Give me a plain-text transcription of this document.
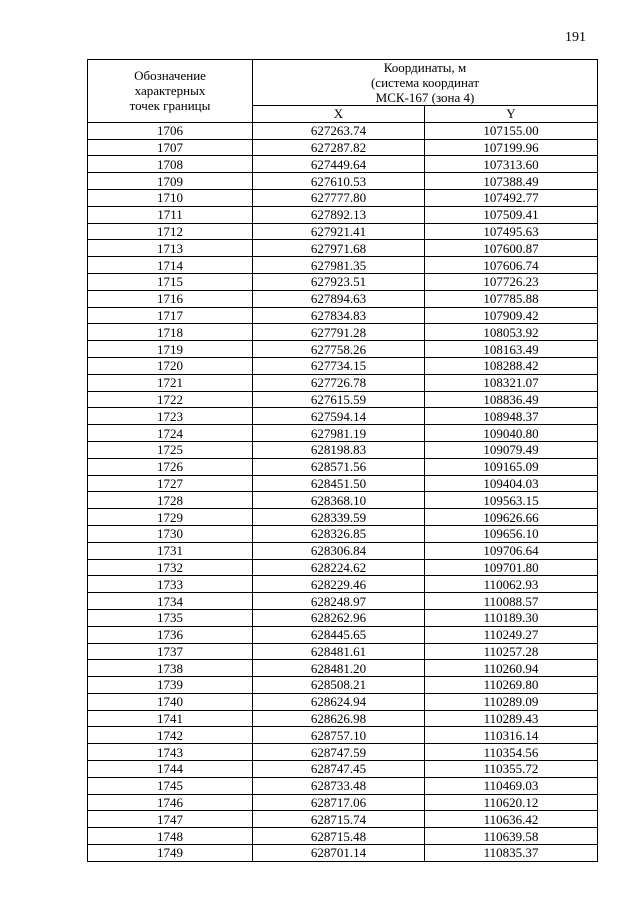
191
Обозначение
характерных
точек границы	Координаты, м
(система координат
МСК-167 (зона 4)	
	X	Y
1706	627263.74	107155.00
1707	627287.82	107199.96
1708	627449.64	107313.60
1709	627610.53	107388.49
1710	627777.80	107492.77
1711	627892.13	107509.41
1712	627921.41	107495.63
1713	627971.68	107600.87
1714	627981.35	107606.74
1715	627923.51	107726.23
1716	627894.63	107785.88
1717	627834.83	107909.42
1718	627791.28	108053.92
1719	627758.26	108163.49
1720	627734.15	108288.42
1721	627726.78	108321.07
1722	627615.59	108836.49
1723	627594.14	108948.37
1724	627981.19	109040.80
1725	628198.83	109079.49
1726	628571.56	109165.09
1727	628451.50	109404.03
1728	628368.10	109563.15
1729	628339.59	109626.66
1730	628326.85	109656.10
1731	628306.84	109706.64
1732	628224.62	109701.80
1733	628229.46	110062.93
1734	628248.97	110088.57
1735	628262.96	110189.30
1736	628445.65	110249.27
1737	628481.61	110257.28
1738	628481.20	110260.94
1739	628508.21	110269.80
1740	628624.94	110289.09
1741	628626.98	110289.43
1742	628757.10	110316.14
1743	628747.59	110354.56
1744	628747.45	110355.72
1745	628733.48	110469.03
1746	628717.06	110620.12
1747	628715.74	110636.42
1748	628715.48	110639.58
1749	628701.14	110835.37
